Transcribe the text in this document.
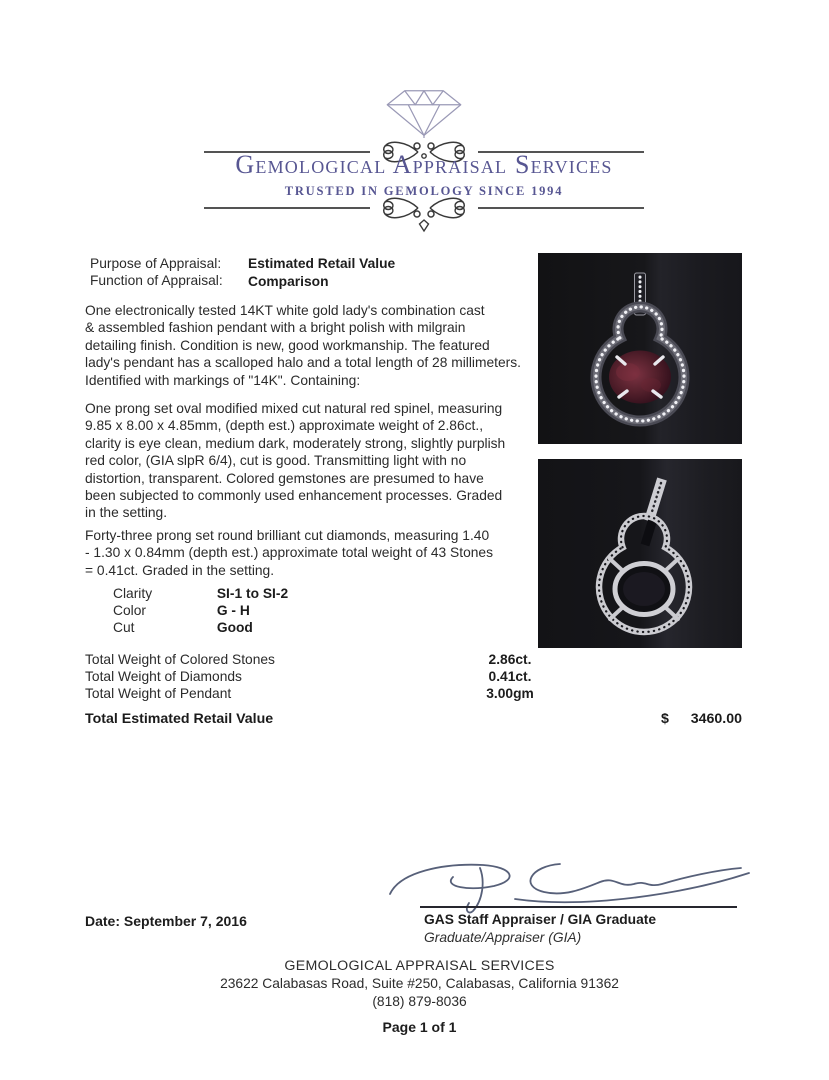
Gemological Appraisal Services
TRUSTED IN GEMOLOGY SINCE 1994
Purpose of Appraisal: Estimated Retail Value
Function of Appraisal: Comparison
One electronically tested 14KT white gold lady's combination cast
& assembled fashion pendant with a bright polish with milgrain
detailing finish. Condition is new, good workmanship. The featured
lady's pendant has a scalloped halo and a total length of 28 millimeters.
Identified with markings of "14K". Containing:
One prong set oval modified mixed cut natural red spinel, measuring
9.85 x 8.00 x 4.85mm, (depth est.) approximate weight of 2.86ct.,
clarity is eye clean, medium dark, moderately strong, slightly purplish
red color, (GIA slpR 6/4), cut is good. Transmitting light with no
distortion, transparent. Colored gemstones are presumed to have
been subjected to commonly used enhancement processes. Graded
in the setting.
Forty-three prong set round brilliant cut diamonds, measuring 1.40
- 1.30 x 0.84mm (depth est.) approximate total weight of 43 Stones
= 0.41ct. Graded in the setting.
Clarity	SI-1 to SI-2
Color	G - H
Cut	Good
Total Weight of Colored Stones	2.86ct.
Total Weight of Diamonds	0.41ct.
Total Weight of Pendant	3.00gm
Total Estimated Retail Value	$ 3460.00
Date: September 7, 2016	GAS Staff Appraiser / GIA Graduate
Graduate/Appraiser (GIA)
GEMOLOGICAL APPRAISAL SERVICES
23622 Calabasas Road, Suite #250, Calabasas, California 91362
(818) 879-8036
Page 1 of 1
